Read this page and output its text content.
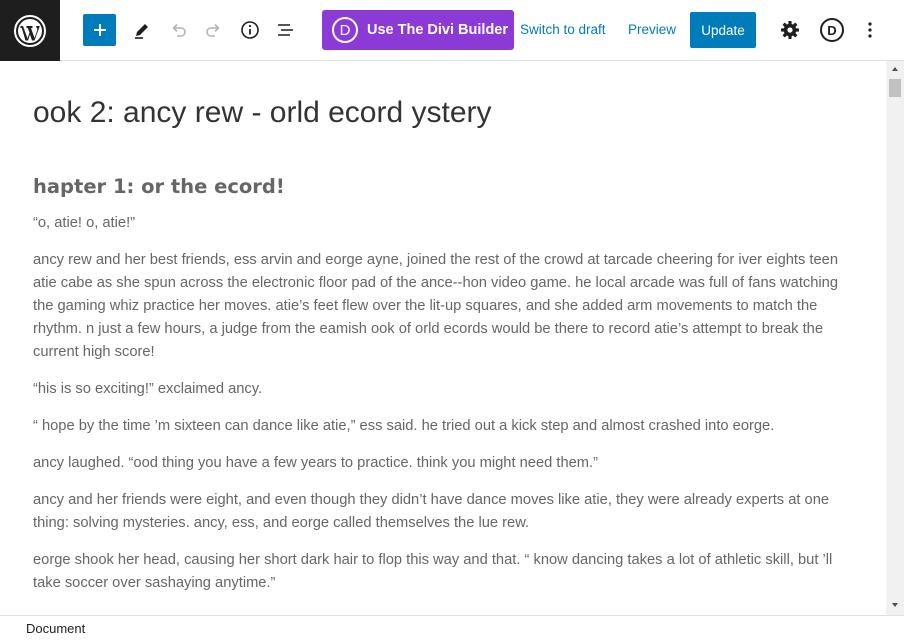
D	Use The Divi Builder Switch to draft Preview	Update	D
ook 2: ancy rew - orld ecord ystery
hapter 1: or the ecord!

“o, atie! o, atie!”

ancy rew and her best friends, ess arvin and eorge ayne, joined the rest of the crowd at tarcade cheering for iver eights teen atie cabe as she spun across the electronic floor pad of the ance--hon video game. he local arcade was full of fans watching the gaming whiz practice her moves. atie’s feet flew over the lit-up squares, and she added arm movements to match the rhythm. n just a few hours, a judge from the eamish ook of orld ecords would be there to record atie’s attempt to break the current high score!

“his is so exciting!” exclaimed ancy.

“ hope by the time ’m sixteen can dance like atie,” ess said. he tried out a kick step and almost crashed into eorge.

ancy laughed. “ood thing you have a few years to practice. think you might need them.”

ancy and her friends were eight, and even though they didn’t have dance moves like atie, they were already experts at one thing: solving mysteries. ancy, ess, and eorge called themselves the lue rew.

eorge shook her head, causing her short dark hair to flop this way and that. “ know dancing takes a lot of athletic skill, but ’ll take soccer over sashaying anytime.”

Document
